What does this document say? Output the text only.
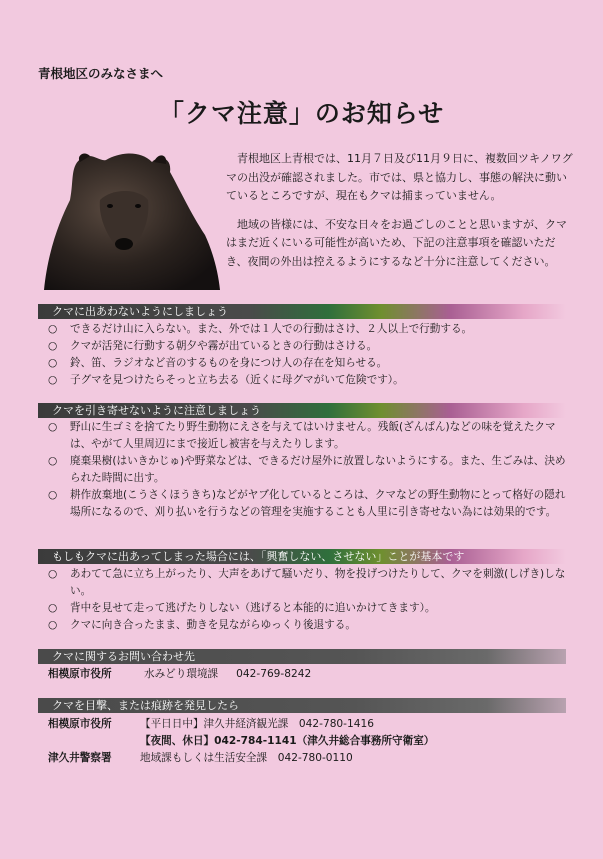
青根地区のみなさまへ
「クマ注意」のお知らせ

青根地区上青根では、11月７日及び11月９日に、複数回ツキノワグマの出没が確認されました。市では、県と協力し、事態の解決に動いているところですが、現在もクマは捕まっていません。

地域の皆様には、不安な日々をお過ごしのことと思いますが、クマはまだ近くにいる可能性が高いため、下記の注意事項を確認いただき、夜間の外出は控えるようにするなど十分に注意してください。

クマに出あわないようにしましょう
○ できるだけ山に入らない。また、外では１人での行動はさけ、２人以上で行動する。
○ クマが活発に行動する朝夕や霧が出ているときの行動はさける。
○ 鈴、笛、ラジオなど音のするものを身につけ人の存在を知らせる。
○ 子グマを見つけたらそっと立ち去る（近くに母グマがいて危険です）。
クマを引き寄せないように注意しましょう
○ 野山に生ゴミを捨てたり野生動物にえさを与えてはいけません。残飯(ざんぱん)などの味を覚えたクマは、やがて人里周辺にまで接近し被害を与えたりします。
○ 廃棄果樹(はいきかじゅ)や野菜などは、できるだけ屋外に放置しないようにする。また、生ごみは、決められた時間に出す。
○ 耕作放棄地(こうさくほうきち)などがヤブ化しているところは、クマなどの野生動物にとって格好の隠れ場所になるので、刈り払いを行うなどの管理を実施することも人里に引き寄せない為には効果的です。
もしもクマに出あってしまった場合には、「興奮しない、させない」ことが基本です
○ あわてて急に立ち上がったり、大声をあげて騒いだり、物を投げつけたりして、クマを刺激(しげき)しない。
○ 背中を見せて走って逃げたりしない（逃げると本能的に追いかけてきます）。
○ クマに向き合ったまま、動きを見ながらゆっくり後退する。
クマに関するお問い合わせ先
相模原市役所	水みどり環境課 042-769-8242
クマを目撃、または痕跡を発見したら
相模原市役所	【平日日中】津久井経済観光課　042-780-1416
【夜間、休日】042-784-1141（津久井総合事務所守衛室）
津久井警察署	地域課もしくは生活安全課　042-780-0110
